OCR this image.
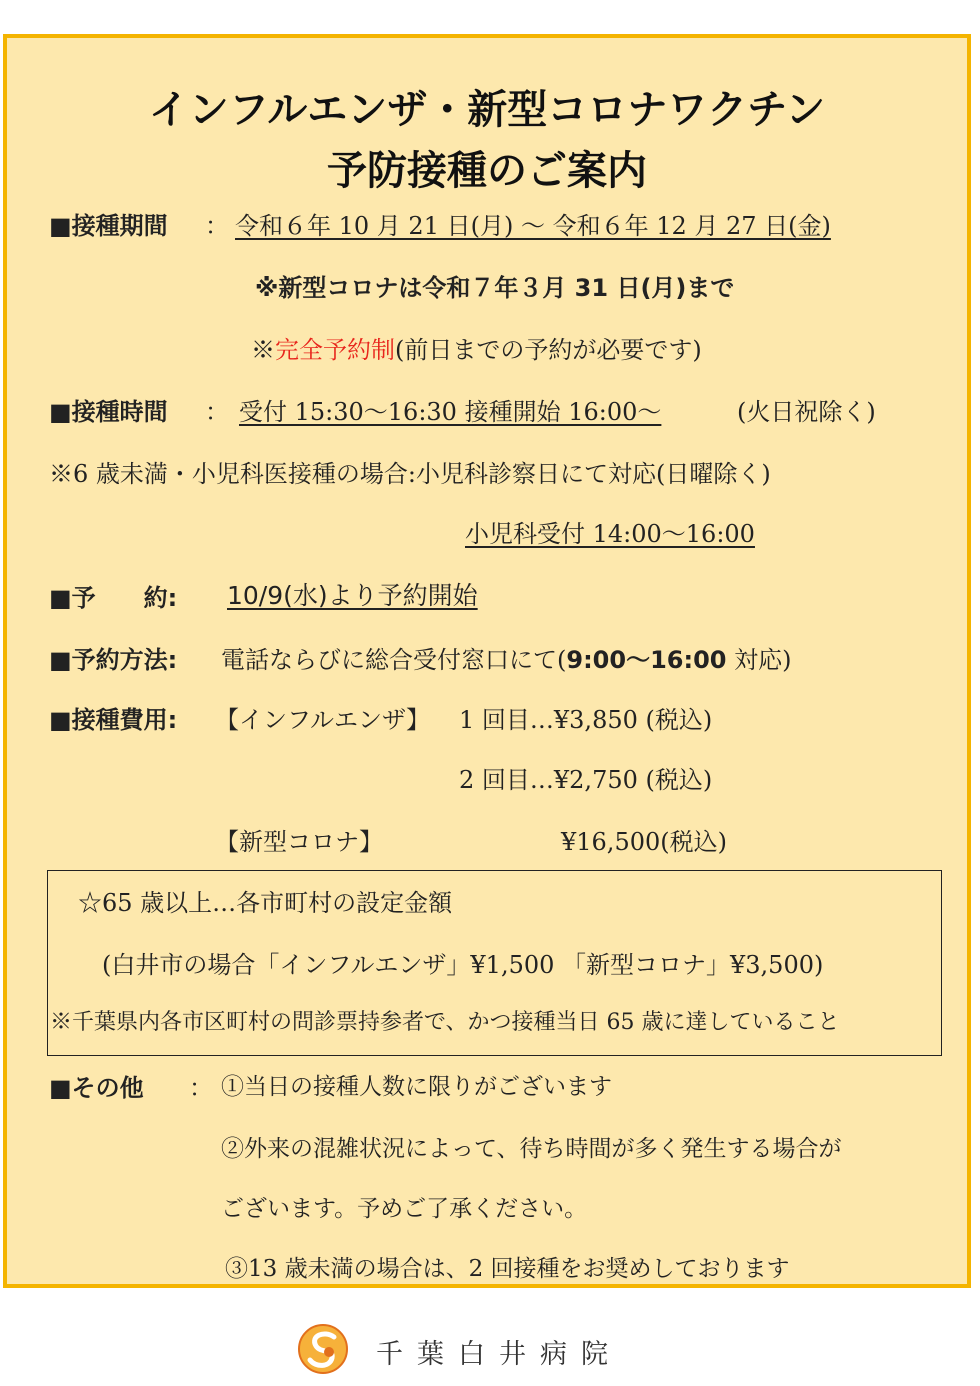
インフルエンザ・新型コロナワクチン
予防接種のご案内
■接種期間 ： 令和６年 10 月 21 日(月) ～ 令和６年 12 月 27 日(金)
※新型コロナは令和７年３月 31 日(月)まで
※完全予約制(前日までの予約が必要です)
■接種時間 ： 受付 15:30～16:30 接種開始 16:00～	(火日祝除く)
※6 歳未満・小児科医接種の場合:小児科診察日にて対応(日曜除く)
小児科受付 14:00～16:00
■予　　約: 10/9(水)より予約開始
■予約方法: 電話ならびに総合受付窓口にて(9:00～16:00 対応)
■接種費用: 【インフルエンザ】 1 回目…¥3,850 (税込)
2 回目…¥2,750 (税込)
【新型コロナ】	¥16,500(税込)
☆65 歳以上…各市町村の設定金額
(白井市の場合「インフルエンザ」¥1,500 「新型コロナ」¥3,500)
※千葉県内各市区町村の問診票持参者で、かつ接種当日 65 歳に達していること
■その他 ： ①当日の接種人数に限りがございます
②外来の混雑状況によって、待ち時間が多く発生する場合が
ございます。予めご了承ください。
③13 歳未満の場合は、2 回接種をお奨めしております
千葉白井病院
